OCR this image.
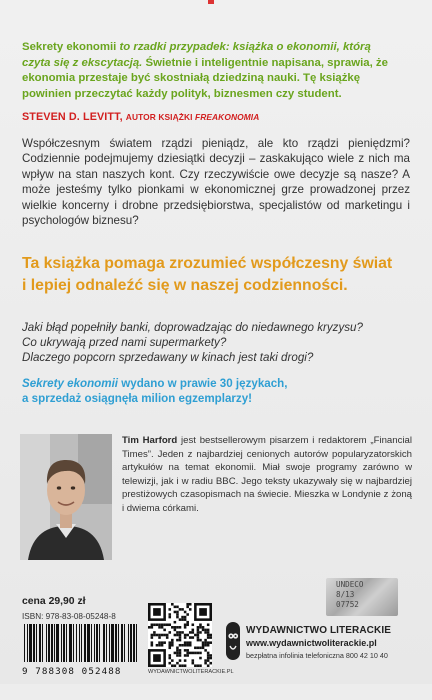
Sekrety ekonomii to rzadki przypadek: książka o ekonomii, którą czyta się z ekscytacją. Świetnie i inteligentnie napisana, sprawia, że ekonomia przestaje być skostniałą dziedziną nauki. Tę książkę powinien przeczytać każdy polityk, biznesmen czy student.

STEVEN D. LEVITT, AUTOR KSIĄŻKI FREAKONOMIA

Współczesnym światem rządzi pieniądz, ale kto rządzi pieniędzmi? Codziennie podejmujemy dziesiątki decyzji – zaskakująco wiele z nich ma wpływ na stan naszych kont. Czy rzeczywiście owe decyzje są nasze? A może jesteśmy tylko pionkami w ekonomicznej grze prowadzonej przez wielkie koncerny i drobne przedsiębiorstwa, specjalistów od marketingu i psychologów biznesu?
Ta książka pomaga zrozumieć współczesny świat
i lepiej odnaleźć się w naszej codzienności.
Jaki błąd popełniły banki, doprowadzając do niedawnego kryzysu?
Co ukrywają przed nami supermarkety?
Dlaczego popcorn sprzedawany w kinach jest taki drogi?
Sekrety ekonomii wydano w prawie 30 językach,
a sprzedaż osiągnęła milion egzemplarzy!
Tim Harford jest bestsellerowym pisarzem i redaktorem „Financial Times”. Jeden z najbardziej cenionych autorów popularyzatorskich artykułów na temat ekonomii. Miał swoje programy zarówno w telewizji, jak i w radiu BBC. Jego teksty ukazywały się w najbardziej prestiżowych czasopismach na świecie. Mieszka w Londynie z żoną i dwiema córkami.
cena 29,90 zł
ISBN: 978-83-08-05248-8
9 788308 052488	WYDAWNICTWOLITERACKIE.PL
UNDECO
8/13
07752
WYDAWNICTWO LITERACKIE
www.wydawnictwoliterackie.pl
bezpłatna infolinia telefoniczna 800 42 10 40
